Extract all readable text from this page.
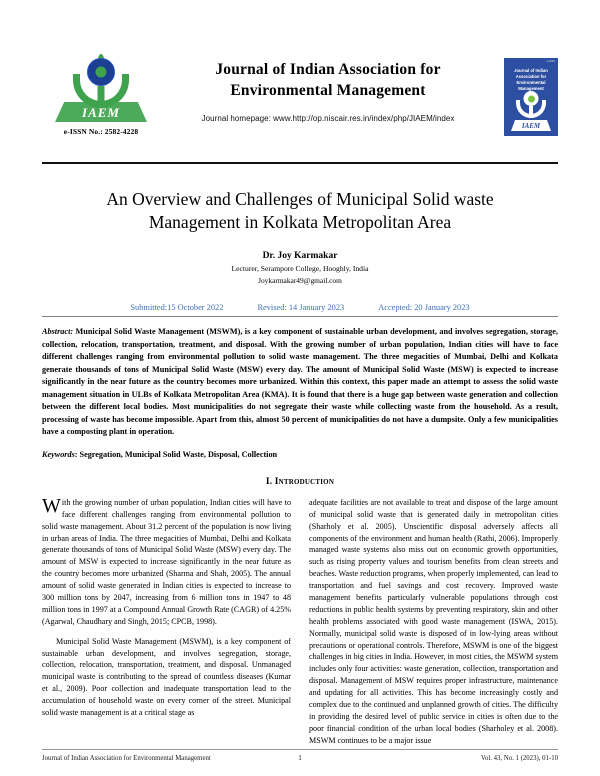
IAEM
e-ISSN No.: 2582-4228
Journal of Indian Association for
Environmental Management
Journal homepage: www.http://op.niscair.res.in/index/php/JIAEM/index
e-ISSN
Journal of Indian Association for Environmental Management
IAEM
An Overview and Challenges of Municipal Solid waste Management in Kolkata Metropolitan Area
Dr. Joy Karmakar
Lecturer, Serampore College, Hooghly, India
Joykarmakar49@gmail.com
Submitted:15 October 2022	Revised: 14 January 2023	Accepted: 20 January 2023
Abstract: Municipal Solid Waste Management (MSWM), is a key component of sustainable urban development, and involves segregation, storage, collection, relocation, transportation, treatment, and disposal. With the growing number of urban population, Indian cities will have to face different challenges ranging from environmental pollution to solid waste management. The three megacities of Mumbai, Delhi and Kolkata generate thousands of tons of Municipal Solid Waste (MSW) every day. The amount of Municipal Solid Waste (MSW) is expected to increase significantly in the near future as the country becomes more urbanized. Within this context, this paper made an attempt to assess the solid waste management situation in ULBs of Kolkata Metropolitan Area (KMA). It is found that there is a huge gap between waste generation and collection between the different local bodies. Most municipalities do not segregate their waste while collecting waste from the household. As a result, processing of waste has become impossible. Apart from this, almost 50 percent of municipalities do not have a dumpsite. Only a few municipalities have a composting plant in operation.
Keywords: Segregation, Municipal Solid Waste, Disposal, Collection
I. Introduction

With the growing number of urban population, Indian cities will have to face different challenges ranging from environmental pollution to solid waste management. About 31.2 percent of the population is now living in urban areas of India. The three megacities of Mumbai, Delhi and Kolkata generate thousands of tons of Municipal Solid Waste (MSW) every day. The amount of MSW is expected to increase significantly in the near future as the country becomes more urbanized (Sharma and Shah, 2005). The annual amount of solid waste generated in Indian cities is expected to increase to 300 million tons by 2047, increasing from 6 million tons in 1947 to 48 million tons in 1997 at a Compound Annual Growth Rate (CAGR) of 4.25% (Agarwal, Chaudhary and Singh, 2015; CPCB, 1998).

Municipal Solid Waste Management (MSWM), is a key component of sustainable urban development, and involves segregation, storage, collection, relocation, transportation, treatment, and disposal. Unmanaged municipal waste is contributing to the spread of countless diseases (Kumar et al., 2009). Poor collection and inadequate transportation lead to the accumulation of household waste on every corner of the street. Municipal solid waste management is at a critical stage as

adequate facilities are not available to treat and dispose of the large amount of municipal solid waste that is generated daily in metropolitan cities (Sharholy et al. 2005). Unscientific disposal adversely affects all components of the environment and human health (Rathi, 2006). Improperly managed waste systems also miss out on economic growth opportunities, such as rising property values and tourism benefits from clean streets and beaches. Waste reduction programs, when properly implemented, can lead to transportation and fuel savings and cost recovery. Improved waste management benefits particularly vulnerable populations through cost reductions in public health systems by preventing respiratory, skin and other health problems associated with good waste management (ISWA, 2015). Normally, municipal solid waste is disposed of in low-lying areas without precautions or operational controls. Therefore, MSWM is one of the biggest challenges in big cities in India. However, in most cities, the MSWM system includes only four activities: waste generation, collection, transportation and disposal. Management of MSW requires proper infrastructure, maintenance and updating for all activities. This has become increasingly costly and complex due to the continued and unplanned growth of cities. The difficulty in providing the desired level of public service in cities is often due to the poor financial condition of the urban local bodies (Sharholey et al. 2008). MSWM continues to be a major issue

Journal of Indian Association for Environmental Management	1	Vol. 43, No. 1 (2023), 01-10
